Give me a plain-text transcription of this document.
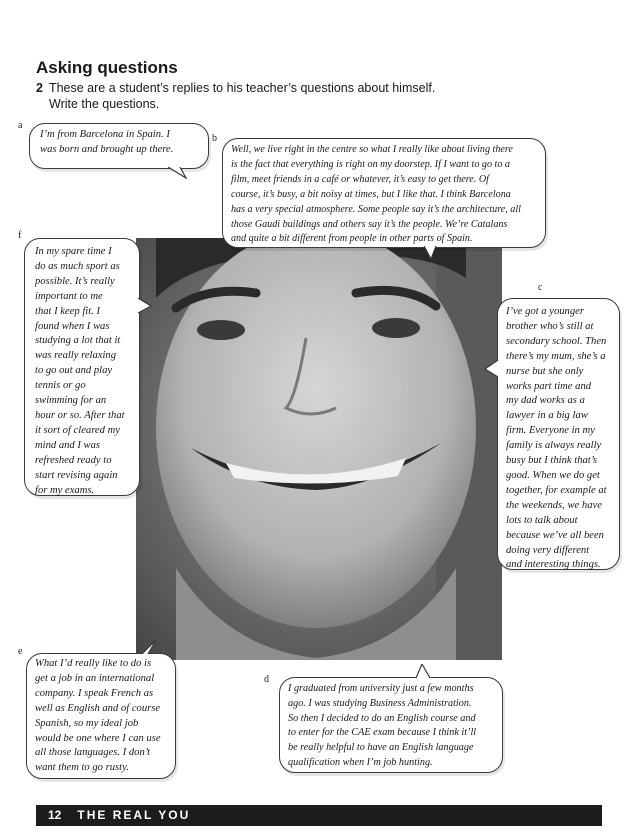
Asking questions
2 These are a student’s replies to his teacher’s questions about himself.
Write the questions.
a

I’m from Barcelona in Spain. I

was born and brought up there.

b

Well, we live right in the centre so what I really like about living there

is the fact that everything is right on my doorstep. If I want to go to a

film, meet friends in a café or whatever, it’s easy to get there. Of

course, it’s busy, a bit noisy at times, but I like that. I think Barcelona

has a very special atmosphere. Some people say it’s the architecture, all

those Gaudi buildings and others say it’s the people. We’re Catalans

and quite a bit different from people in other parts of Spain.

f

In my spare time I

do as much sport as

possible. It’s really

important to me

that I keep fit. I

found when I was

studying a lot that it

was really relaxing

to go out and play

tennis or go

swimming for an

hour or so. After that

it sort of cleared my

mind and I was

refreshed ready to

start revising again

for my exams.

c

I’ve got a younger

brother who’s still at

secondary school. Then

there’s my mum, she’s a

nurse but she only

works part time and

my dad works as a

lawyer in a big law

firm. Everyone in my

family is always really

busy but I think that’s

good. When we do get

together, for example at

the weekends, we have

lots to talk about

because we’ve all been

doing very different

and interesting things.

e

What I’d really like to do is

get a job in an international

company. I speak French as

well as English and of course

Spanish, so my ideal job

would be one where I can use

all those languages. I don’t

want them to go rusty.

d

I graduated from university just a few months

ago. I was studying Business Administration.

So then I decided to do an English course and

to enter for the CAE exam because I think it’ll

be really helpful to have an English language

qualification when I’m job hunting.

12 THE REAL YOU
